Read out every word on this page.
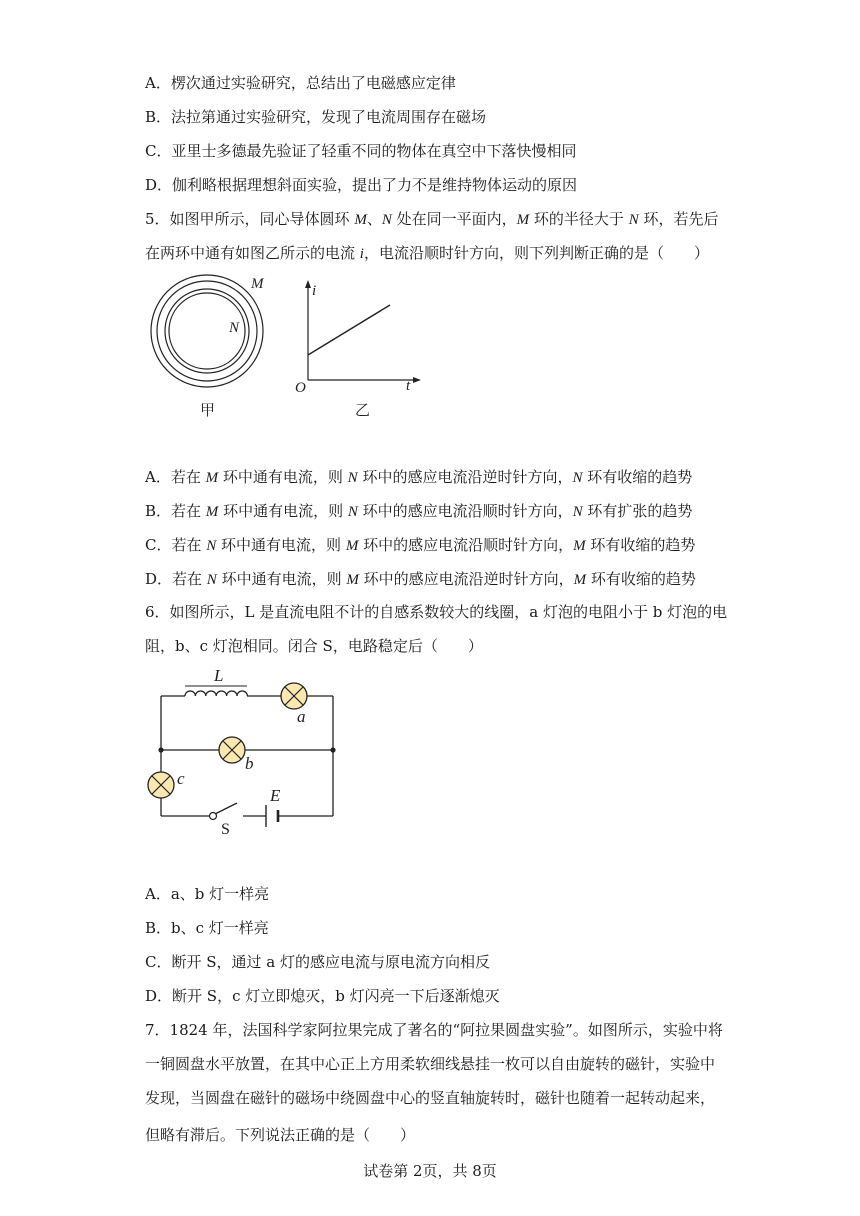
A．楞次通过实验研究，总结出了电磁感应定律
B．法拉第通过实验研究，发现了电流周围存在磁场
C．亚里士多德最先验证了轻重不同的物体在真空中下落快慢相同
D．伽利略根据理想斜面实验，提出了力不是维持物体运动的原因
5．如图甲所示，同心导体圆环 M、N 处在同一平面内，M 环的半径大于 N 环，若先后
在两环中通有如图乙所示的电流 i，电流沿顺时针方向，则下列判断正确的是（　　）
M
N
甲
i
t
O
乙
A．若在 M 环中通有电流，则 N 环中的感应电流沿逆时针方向，N 环有收缩的趋势
B．若在 M 环中通有电流，则 N 环中的感应电流沿顺时针方向，N 环有扩张的趋势
C．若在 N 环中通有电流，则 M 环中的感应电流沿顺时针方向，M 环有收缩的趋势
D．若在 N 环中通有电流，则 M 环中的感应电流沿逆时针方向，M 环有收缩的趋势
6．如图所示，L 是直流电阻不计的自感系数较大的线圈，a 灯泡的电阻小于 b 灯泡的电
阻，b、c 灯泡相同。闭合 S，电路稳定后（　　）
L
a
b
c
S
E
A．a、b 灯一样亮
B．b、c 灯一样亮
C．断开 S，通过 a 灯的感应电流与原电流方向相反
D．断开 S，c 灯立即熄灭，b 灯闪亮一下后逐渐熄灭
7．1824 年，法国科学家阿拉果完成了著名的“阿拉果圆盘实验”。如图所示，实验中将
一铜圆盘水平放置，在其中心正上方用柔软细线悬挂一枚可以自由旋转的磁针，实验中
发现，当圆盘在磁针的磁场中绕圆盘中心的竖直轴旋转时，磁针也随着一起转动起来，
但略有滞后。下列说法正确的是（　　）
试卷第 2页，共 8页
